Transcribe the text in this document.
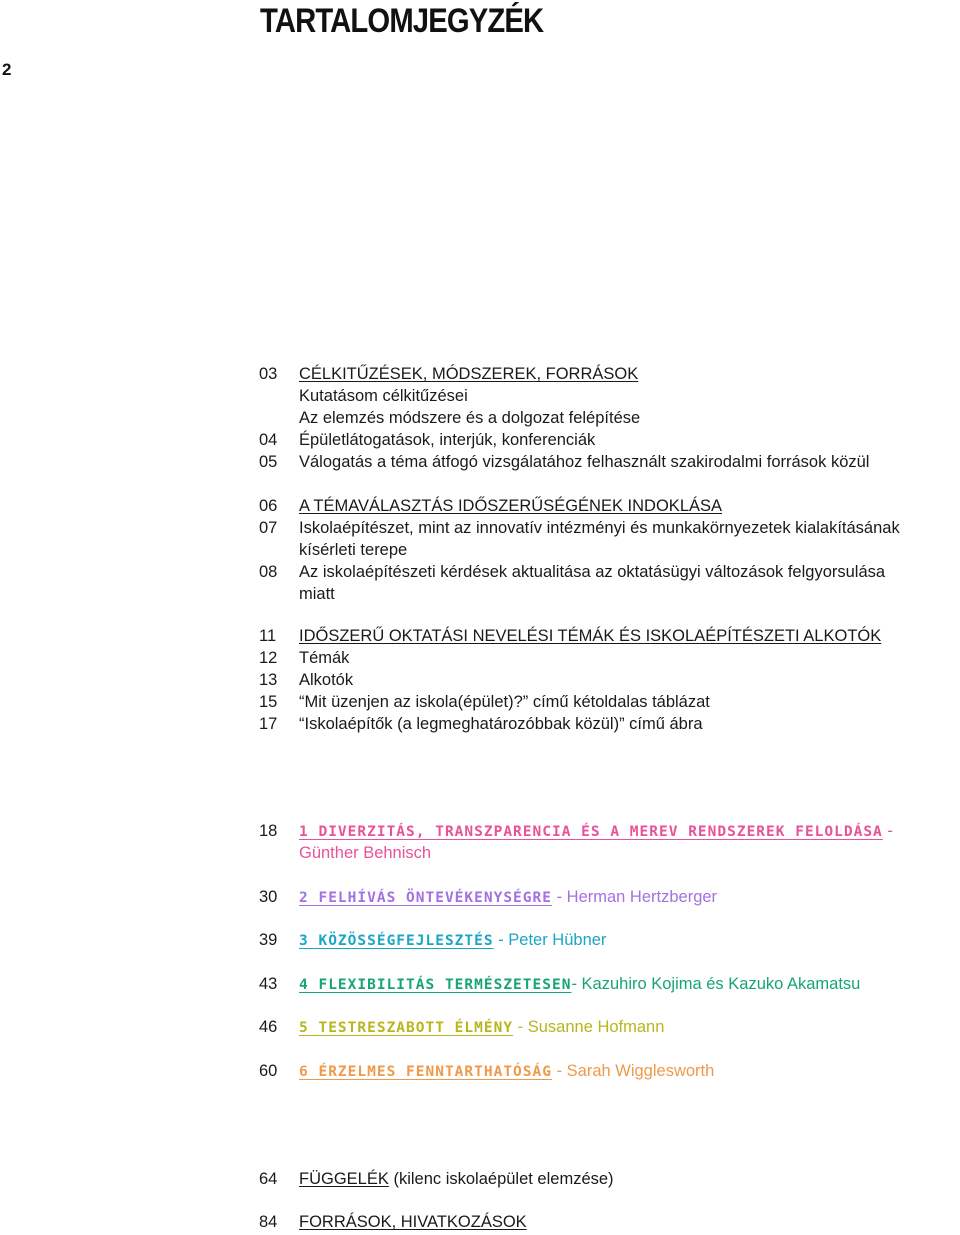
TARTALOMJEGYZÉK
2
03	CÉLKITŰZÉSEK, MÓDSZEREK, FORRÁSOK
Kutatásom célkitűzései
Az elemzés módszere és a dolgozat felépítése
04	Épületlátogatások, interjúk, konferenciák
05	Válogatás a téma átfogó vizsgálatához felhasznált szakirodalmi források közül
06	A TÉMAVÁLASZTÁS IDŐSZERŰSÉGÉNEK INDOKLÁSA
07	Iskolaépítészet, mint az innovatív intézményi és munkakörnyezetek kialakításának
kísérleti terepe
08	Az iskolaépítészeti kérdések aktualitása az oktatásügyi változások felgyorsulása
miatt
11	IDŐSZERŰ OKTATÁSI NEVELÉSI TÉMÁK ÉS ISKOLAÉPÍTÉSZETI ALKOTÓK
12	Témák
13	Alkotók
15	“Mit üzenjen az iskola(épület)?” című kétoldalas táblázat
17	“Iskolaépítők (a legmeghatározóbbak közül)” című ábra
18	1 DIVERZITÁS, TRANSZPARENCIA ÉS A MEREV RENDSZEREK FELOLDÁSA -
Günther Behnisch
30	2 FELHÍVÁS ÖNTEVÉKENYSÉGRE - Herman Hertzberger
39	3 KÖZÖSSÉGFEJLESZTÉS - Peter Hübner
43	4 FLEXIBILITÁS TERMÉSZETESEN- Kazuhiro Kojima és Kazuko Akamatsu
46	5 TESTRESZABOTT ÉLMÉNY - Susanne Hofmann
60	6 ÉRZELMES FENNTARTHATÓSÁG - Sarah Wigglesworth
64	FÜGGELÉK (kilenc iskolaépület elemzése)
84	FORRÁSOK, HIVATKOZÁSOK
